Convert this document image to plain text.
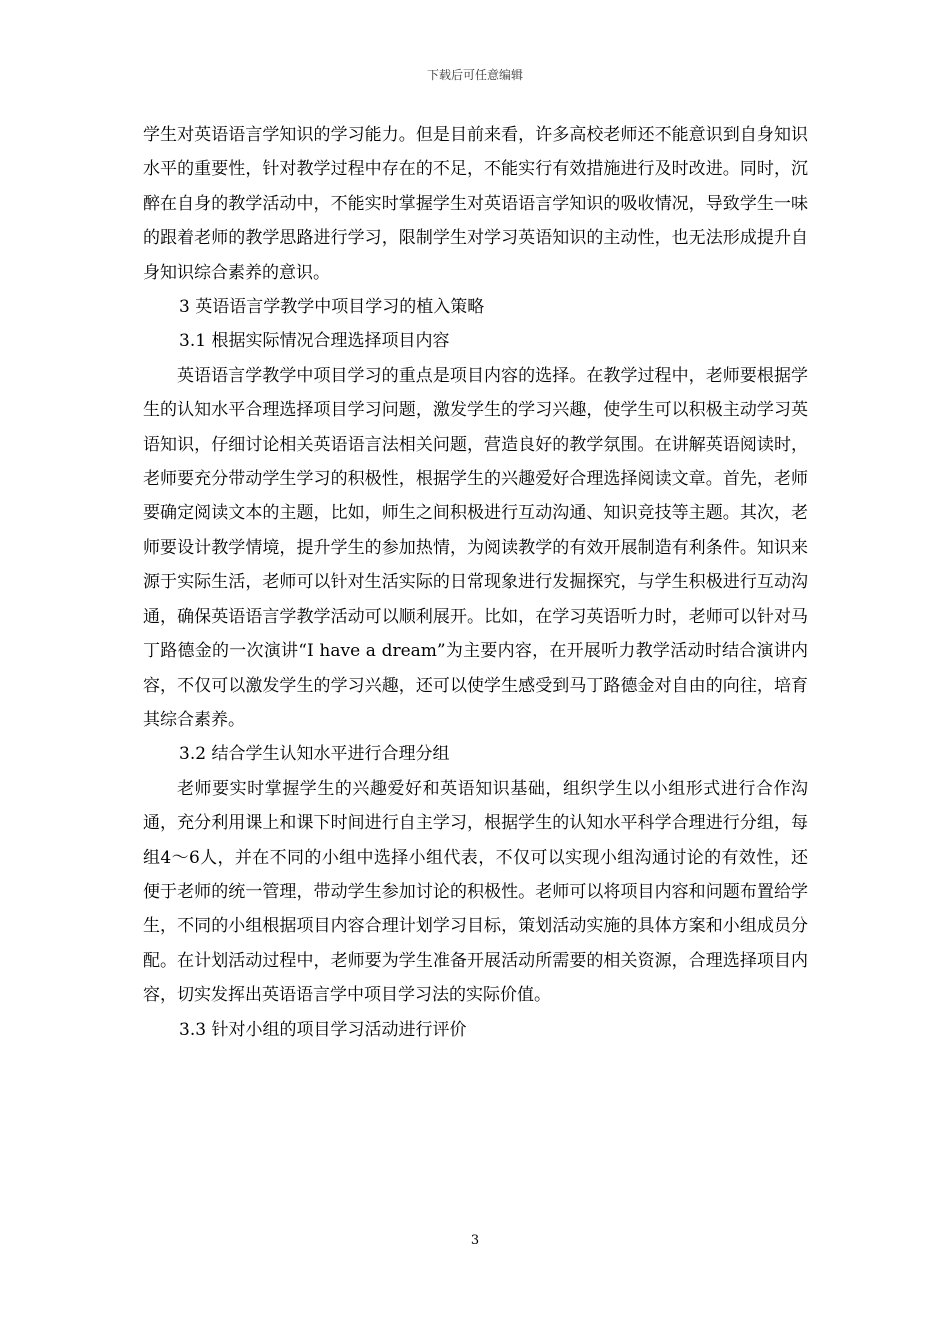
下载后可任意编辑

学生对英语语言学知识的学习能力。但是目前来看，许多高校老师还不能意识到自身知识水平的重要性，针对教学过程中存在的不足，不能实行有效措施进行及时改进。同时，沉醉在自身的教学活动中，不能实时掌握学生对英语语言学知识的吸收情况，导致学生一味的跟着老师的教学思路进行学习，限制学生对学习英语知识的主动性，也无法形成提升自身知识综合素养的意识。

3 英语语言学教学中项目学习的植入策略

3.1 根据实际情况合理选择项目内容

英语语言学教学中项目学习的重点是项目内容的选择。在教学过程中，老师要根据学生的认知水平合理选择项目学习问题，激发学生的学习兴趣，使学生可以积极主动学习英语知识，仔细讨论相关英语语言法相关问题，营造良好的教学氛围。在讲解英语阅读时，老师要充分带动学生学习的积极性，根据学生的兴趣爱好合理选择阅读文章。首先，老师要确定阅读文本的主题，比如，师生之间积极进行互动沟通、知识竞技等主题。其次，老师要设计教学情境，提升学生的参加热情，为阅读教学的有效开展制造有利条件。知识来源于实际生活，老师可以针对生活实际的日常现象进行发掘探究，与学生积极进行互动沟通，确保英语语言学教学活动可以顺利展开。比如，在学习英语听力时，老师可以针对马丁路德金的一次演讲“I have a dream”为主要内容，在开展听力教学活动时结合演讲内容，不仅可以激发学生的学习兴趣，还可以使学生感受到马丁路德金对自由的向往，培育其综合素养。

3.2 结合学生认知水平进行合理分组

老师要实时掌握学生的兴趣爱好和英语知识基础，组织学生以小组形式进行合作沟通，充分利用课上和课下时间进行自主学习，根据学生的认知水平科学合理进行分组，每组4～6人，并在不同的小组中选择小组代表，不仅可以实现小组沟通讨论的有效性，还便于老师的统一管理，带动学生参加讨论的积极性。老师可以将项目内容和问题布置给学生，不同的小组根据项目内容合理计划学习目标，策划活动实施的具体方案和小组成员分配。在计划活动过程中，老师要为学生准备开展活动所需要的相关资源，合理选择项目内容，切实发挥出英语语言学中项目学习法的实际价值。

3.3 针对小组的项目学习活动进行评价

3
